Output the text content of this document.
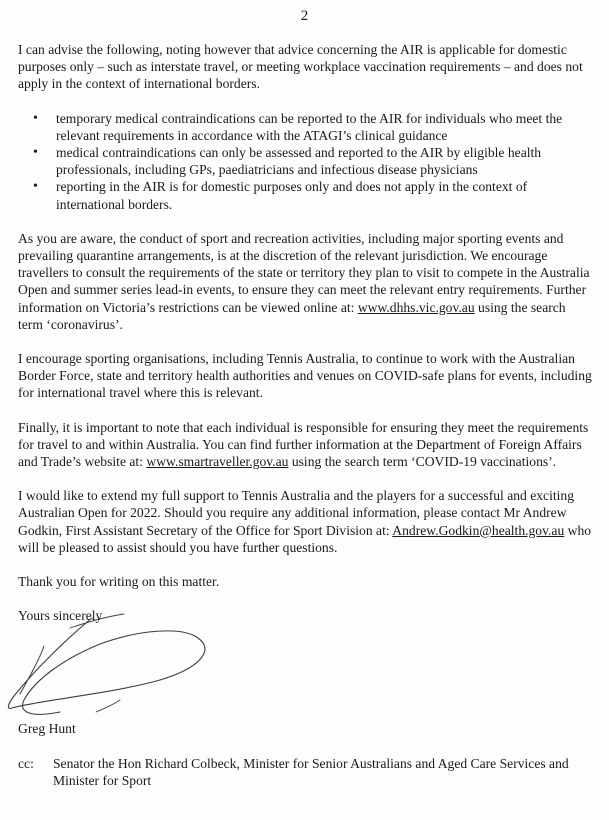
2

I can advise the following, noting however that advice concerning the AIR is applicable for domestic purposes only – such as interstate travel, or meeting workplace vaccination requirements – and does not apply in the context of international borders.

• temporary medical contraindications can be reported to the AIR for individuals who meet the relevant requirements in accordance with the ATAGI’s clinical guidance
• medical contraindications can only be assessed and reported to the AIR by eligible health professionals, including GPs, paediatricians and infectious disease physicians
• reporting in the AIR is for domestic purposes only and does not apply in the context of international borders.

As you are aware, the conduct of sport and recreation activities, including major sporting events and prevailing quarantine arrangements, is at the discretion of the relevant jurisdiction. We encourage travellers to consult the requirements of the state or territory they plan to visit to compete in the Australia Open and summer series lead-in events, to ensure they can meet the relevant entry requirements. Further information on Victoria’s restrictions can be viewed online at: www.dhhs.vic.gov.au using the search term ‘coronavirus’.

I encourage sporting organisations, including Tennis Australia, to continue to work with the Australian Border Force, state and territory health authorities and venues on COVID-safe plans for events, including for international travel where this is relevant.

Finally, it is important to note that each individual is responsible for ensuring they meet the requirements for travel to and within Australia. You can find further information at the Department of Foreign Affairs and Trade’s website at: www.smartraveller.gov.au using the search term ‘COVID-19 vaccinations’.

I would like to extend my full support to Tennis Australia and the players for a successful and exciting Australian Open for 2022. Should you require any additional information, please contact Mr Andrew Godkin, First Assistant Secretary of the Office for Sport Division at: Andrew.Godkin@health.gov.au who will be pleased to assist should you have further questions.

Thank you for writing on this matter.

Yours sincerely

Greg Hunt

cc:	Senator the Hon Richard Colbeck, Minister for Senior Australians and Aged Care Services and Minister for Sport
